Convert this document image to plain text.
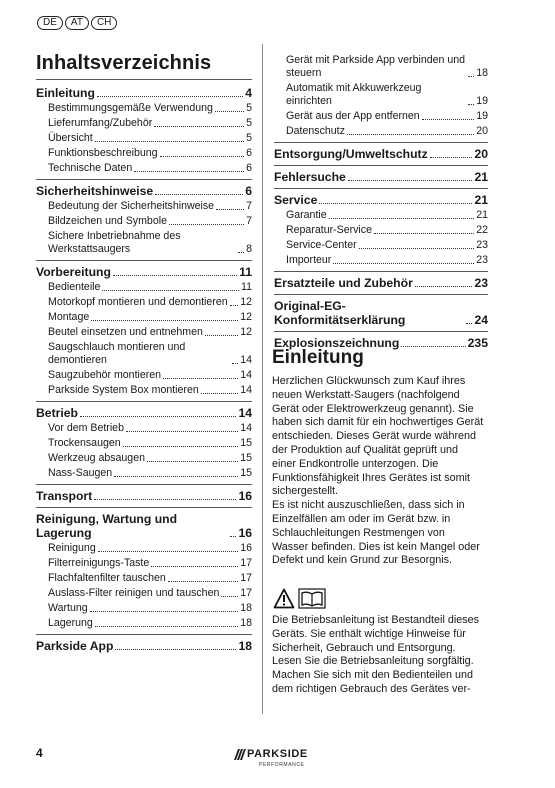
DE	AT	CH
Inhaltsverzeichnis
Einleitung	4
Bestimmungsgemäße Verwendung	5
Lieferumfang/Zubehör	5
Übersicht	5
Funktionsbeschreibung	6
Technische Daten	6
Sicherheitshinweise	6
Bedeutung der Sicherheitshinweise	7
Bildzeichen und Symbole	7
Sichere Inbetriebnahme des Werkstattsaugers	8
Vorbereitung	11
Bedienteile	11
Motorkopf montieren und demontieren 12
Montage	12
Beutel einsetzen und entnehmen	12
Saugschlauch montieren und demontieren	14
Saugzubehör montieren	14
Parkside System Box montieren	14
Betrieb	14
Vor dem Betrieb	14
Trockensaugen	15
Werkzeug absaugen	15
Nass-Saugen	15
Transport	16
Reinigung, Wartung und Lagerung	16
Reinigung	16
Filterreinigungs-Taste	17
Flachfaltenfilter tauschen	17
Auslass-Filter reinigen und tauschen 17
Wartung	18
Lagerung	18
Parkside App	18
Gerät mit Parkside App verbinden und steuern	18
Automatik mit Akkuwerkzeug einrichten	19
Gerät aus der App entfernen	19
Datenschutz	20
Entsorgung/Umweltschutz	20
Fehlersuche	21
Service	21
Garantie	21
Reparatur-Service	22
Service-Center	23
Importeur	23
Ersatzteile und Zubehör	23
Original-EG-Konformitätserklärung	24
Explosionszeichnung	235
Einleitung

Herzlichen Glückwunsch zum Kauf ihres neuen Werkstatt-Saugers (nachfolgend Gerät oder Elektrowerkzeug genannt). Sie haben sich damit für ein hochwertiges Gerät entschieden. Dieses Gerät wurde während der Produktion auf Qualität geprüft und einer Endkontrolle unterzogen. Die Funktionsfähigkeit Ihres Gerätes ist somit sichergestellt.

Es ist nicht auszuschließen, dass sich in Einzelfällen am oder im Gerät bzw. in Schlauchleitungen Restmengen von Wasser befinden. Dies ist kein Mangel oder Defekt und kein Grund zur Besorgnis.

Die Betriebsanleitung ist Bestandteil dieses Geräts. Sie enthält wichtige Hinweise für Sicherheit, Gebrauch und Entsorgung. Lesen Sie die Betriebsanleitung sorgfältig. Machen Sie sich mit den Bedienteilen und dem richtigen Gebrauch des Gerätes ver-

4	PARKSIDE
PERFORMANCE
